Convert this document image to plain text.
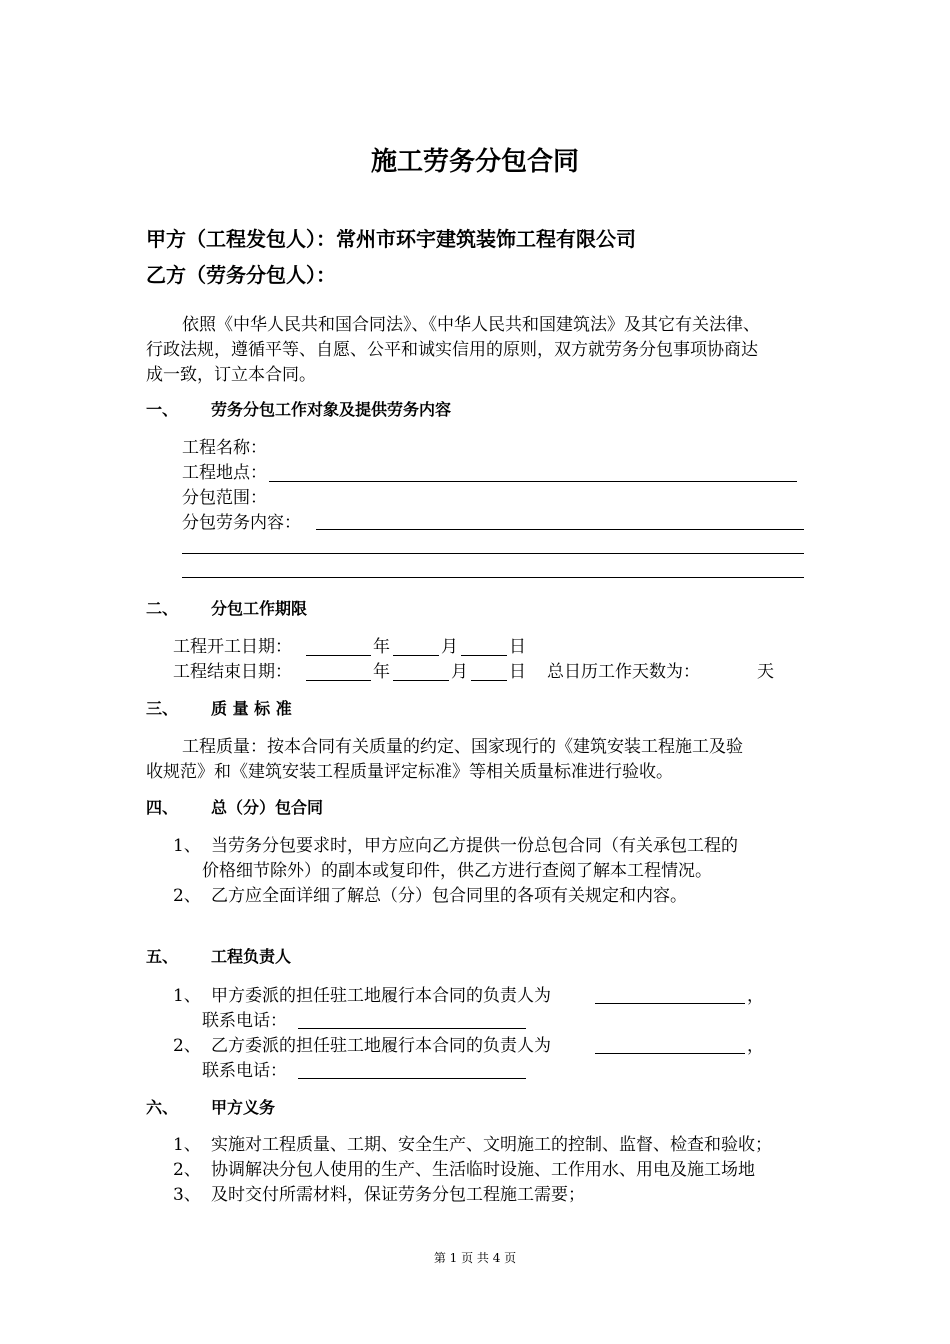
施工劳务分包合同
甲方（工程发包人）：常州市环宇建筑装饰工程有限公司
乙方（劳务分包人）：
依照《中华人民共和国合同法》、《中华人民共和国建筑法》及其它有关法律、
行政法规，遵循平等、自愿、公平和诚实信用的原则，双方就劳务分包事项协商达
成一致，订立本合同。
一、 劳务分包工作对象及提供劳务内容
工程名称：
工程地点：
分包范围：
分包劳务内容：
二、 分包工作期限
工程开工日期：	年	月	日
工程结束日期：	年	月 日 总日历工作天数为：	天
三、 质 量 标 准
工程质量：按本合同有关质量的约定、国家现行的《建筑安装工程施工及验
收规范》和《建筑安装工程质量评定标准》等相关质量标准进行验收。
四、 总（分）包合同
1、 当劳务分包要求时，甲方应向乙方提供一份总包合同（有关承包工程的
价格细节除外）的副本或复印件，供乙方进行查阅了解本工程情况。
2、 乙方应全面详细了解总（分）包合同里的各项有关规定和内容。
五、 工程负责人
1、 甲方委派的担任驻工地履行本合同的负责人为	，
联系电话：
2、 乙方委派的担任驻工地履行本合同的负责人为	，
联系电话：
六、 甲方义务
1、 实施对工程质量、工期、安全生产、文明施工的控制、监督、检查和验收；
2、 协调解决分包人使用的生产、生活临时设施、工作用水、用电及施工场地
3、 及时交付所需材料，保证劳务分包工程施工需要；
第 1 页 共 4 页
